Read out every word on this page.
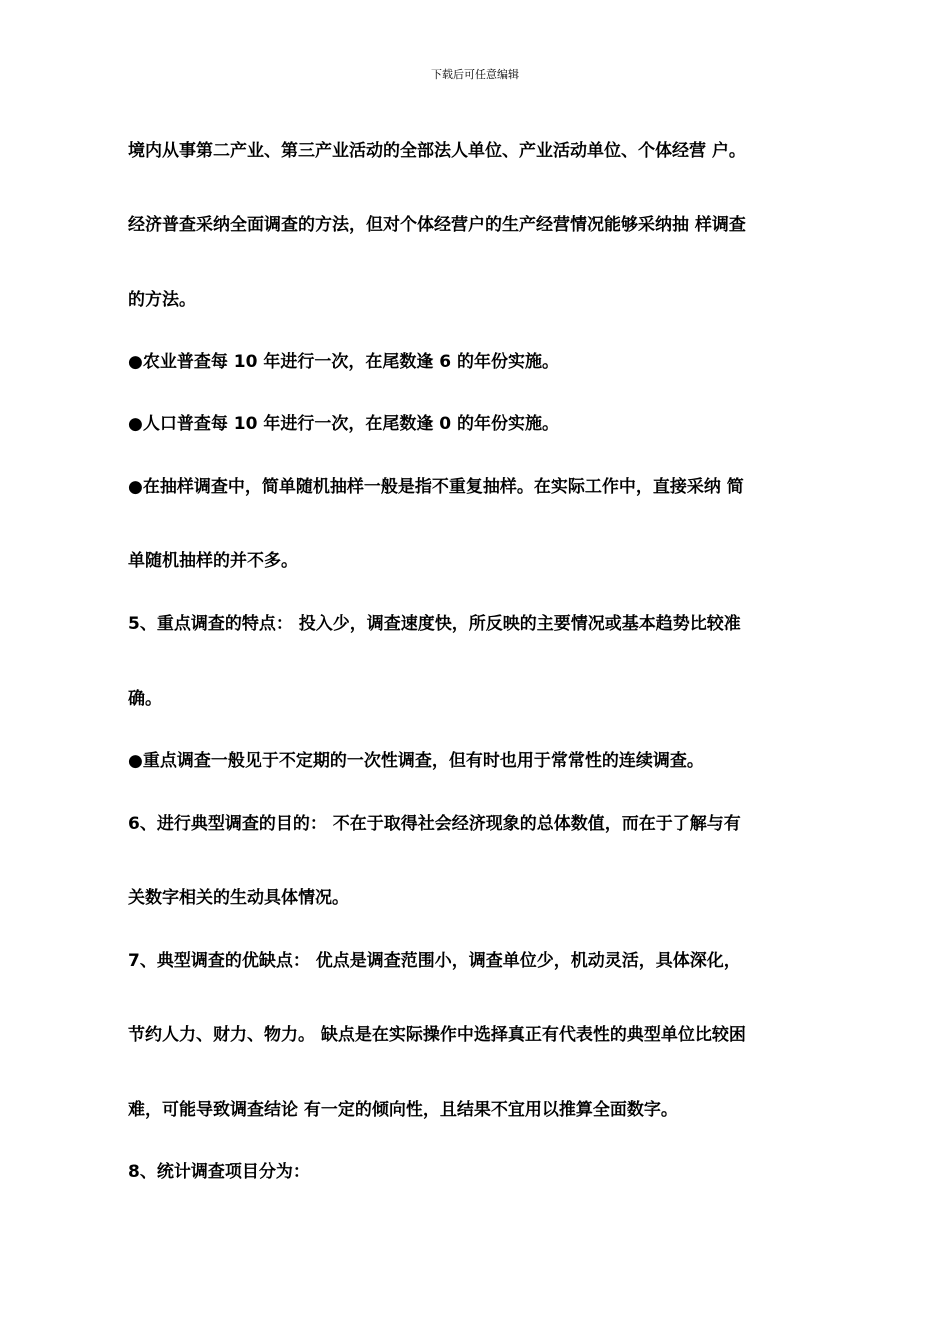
下载后可任意编辑
境内从事第二产业、第三产业活动的全部法人单位、产业活动单位、个体经营 户。
经济普查采纳全面调查的方法，但对个体经营户的生产经营情况能够采纳抽 样调查
的方法。
●农业普查每 10 年进行一次，在尾数逢 6 的年份实施。
●人口普查每 10 年进行一次，在尾数逢 0 的年份实施。
●在抽样调查中，简单随机抽样一般是指不重复抽样。在实际工作中，直接采纳 简
单随机抽样的并不多。
5、重点调查的特点： 投入少，调查速度快，所反映的主要情况或基本趋势比较准
确。
●重点调查一般见于不定期的一次性调查，但有时也用于常常性的连续调查。
6、进行典型调查的目的： 不在于取得社会经济现象的总体数值，而在于了解与有
关数字相关的生动具体情况。
7、典型调查的优缺点： 优点是调查范围小，调查单位少，机动灵活，具体深化，
节约人力、财力、物力。 缺点是在实际操作中选择真正有代表性的典型单位比较困
难，可能导致调查结论 有一定的倾向性，且结果不宜用以推算全面数字。
8、统计调查项目分为：
